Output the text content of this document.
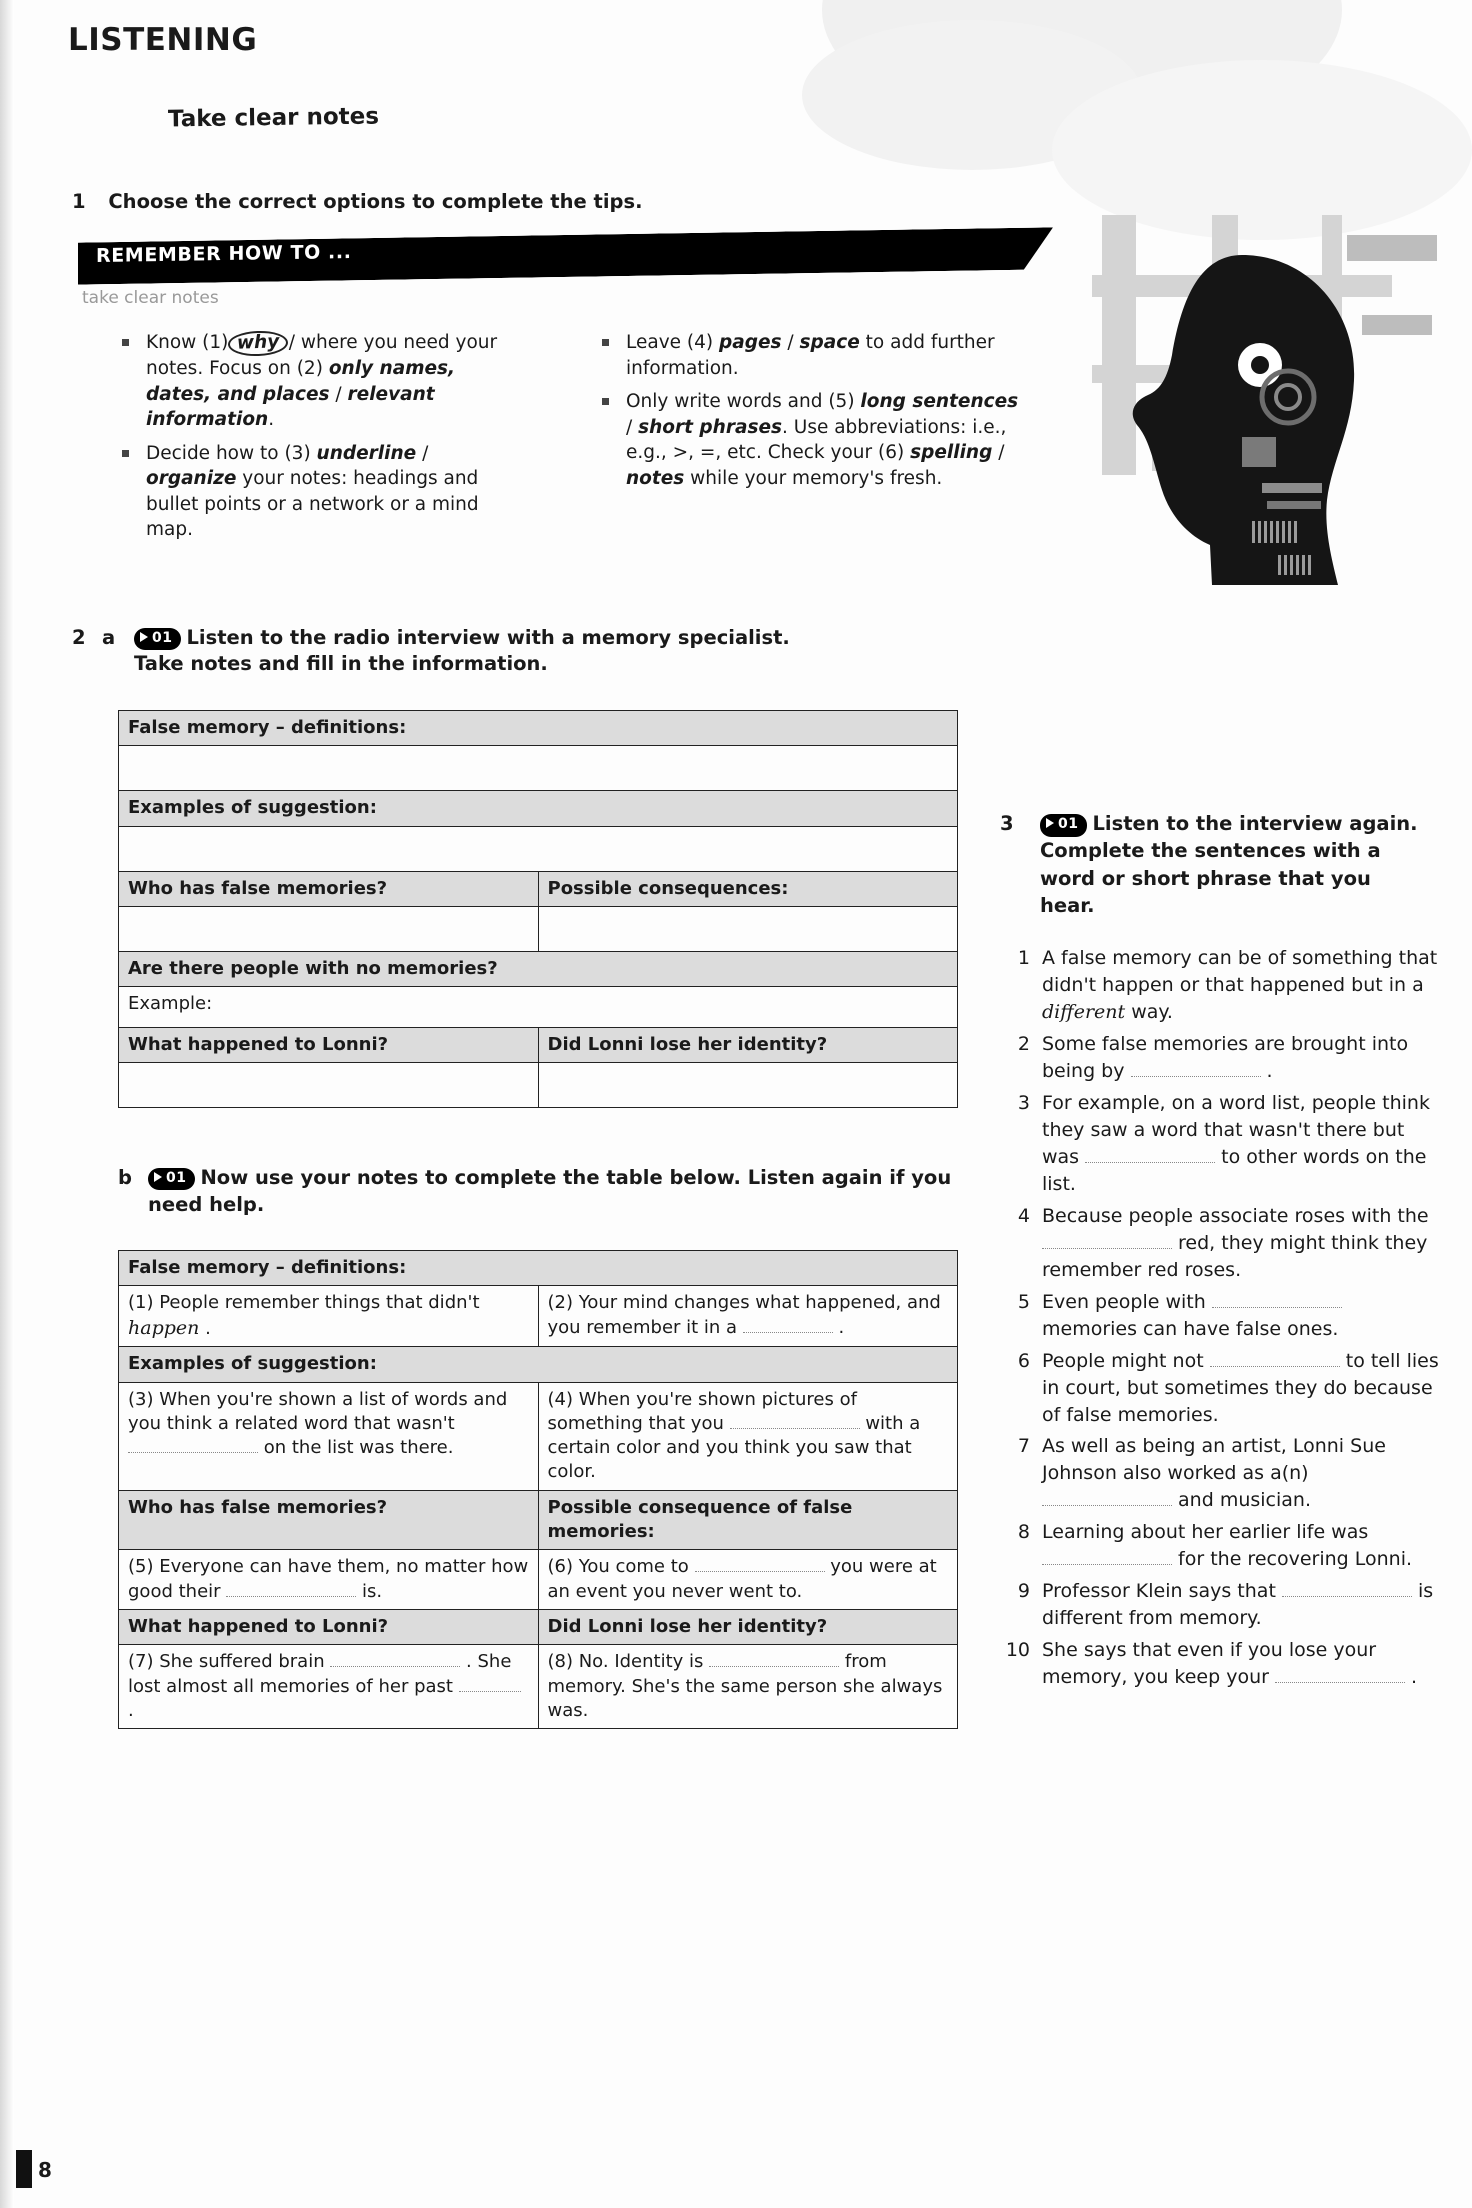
LISTENING
Take clear notes
1 Choose the correct options to complete the tips.
REMEMBER HOW TO ...
take clear notes
Know (1) why / where you need your notes. Focus on (2) only names, dates, and places / relevant information.
Decide how to (3) underline / organize your notes: headings and bullet points or a network or a mind map.
Leave (4) pages / space to add further information.
Only write words and (5) long sentences / short phrases. Use abbreviations: i.e., e.g., >, =, etc. Check your (6) spelling / notes while your memory's fresh.
2 a	01 Listen to the radio interview with a memory specialist. Take notes and fill in the information.
False memory – definitions:	

Examples of suggestion:	

Who has false memories?	Possible consequences:

Are there people with no memories?	
Example:	
What happened to Lonni?	Did Lonni lose her identity?

b	01 Now use your notes to complete the table below. Listen again if you need help.
False memory – definitions:	
(1) People remember things that didn't happen .	(2) Your mind changes what happened, and you remember it in a .
Examples of suggestion:	
(3) When you're shown a list of words and you think a related word that wasn't  on the list was there.	(4) When you're shown pictures of something that you with a certain color and you think you saw that color.
Who has false memories?	Possible consequence of false memories:
(5) Everyone can have them, no matter how good their is.	(6) You come to you were at an event you never went to.
What happened to Lonni?	Did Lonni lose her identity?
(7) She suffered brain . She lost almost all memories of her past  .	(8) No. Identity is from memory. She's the same person she always was.
3	01 Listen to the interview again. Complete the sentences with a word or short phrase that you hear.
1 A false memory can be of something that didn't happen or that happened but in a different way.
2 Some false memories are brought into being by	.
3 For example, on a word list, people think they saw a word that wasn't there but was	to other words on the list.
4 Because people associate roses with the  red, they might think they remember red roses.
5 Even people with  memories can have false ones.
6 People might not	to tell lies in court, but sometimes they do because of false memories.
7 As well as being an artist, Lonni Sue Johnson also worked as a(n)  and musician.
8 Learning about her earlier life was  for the recovering Lonni.
9 Professor Klein says that	is different from memory.
10 She says that even if you lose your memory, you keep your	.
8
